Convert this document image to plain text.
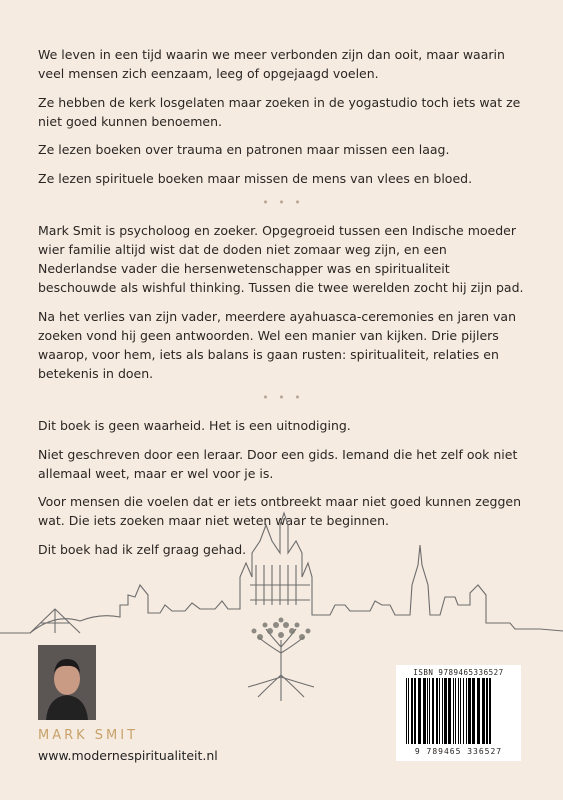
We leven in een tijd waarin we meer verbonden zijn dan ooit, maar waarin veel mensen zich eenzaam, leeg of opgejaagd voelen.

Ze hebben de kerk losgelaten maar zoeken in de yogastudio toch iets wat ze niet goed kunnen benoemen.

Ze lezen boeken over trauma en patronen maar missen een laag.

Ze lezen spirituele boeken maar missen de mens van vlees en bloed.

• • •

Mark Smit is psycholoog en zoeker. Opgegroeid tussen een Indische moeder wier familie altijd wist dat de doden niet zomaar weg zijn, en een Nederlandse vader die hersenwetenschapper was en spiritualiteit beschouwde als wishful thinking. Tussen die twee werelden zocht hij zijn pad.

Na het verlies van zijn vader, meerdere ayahuasca-ceremonies en jaren van zoeken vond hij geen antwoorden. Wel een manier van kijken. Drie pijlers waarop, voor hem, iets als balans is gaan rusten: spiritualiteit, relaties en betekenis in doen.

• • •

Dit boek is geen waarheid. Het is een uitnodiging.

Niet geschreven door een leraar. Door een gids. Iemand die het zelf ook niet allemaal weet, maar er wel voor je is.

Voor mensen die voelen dat er iets ontbreekt maar niet goed kunnen zeggen wat. Die iets zoeken maar niet weten waar te beginnen.

Dit boek had ik zelf graag gehad.

MARK SMIT
www.modernespiritualiteit.nl
ISBN 9789465336527
9 789465 336527
